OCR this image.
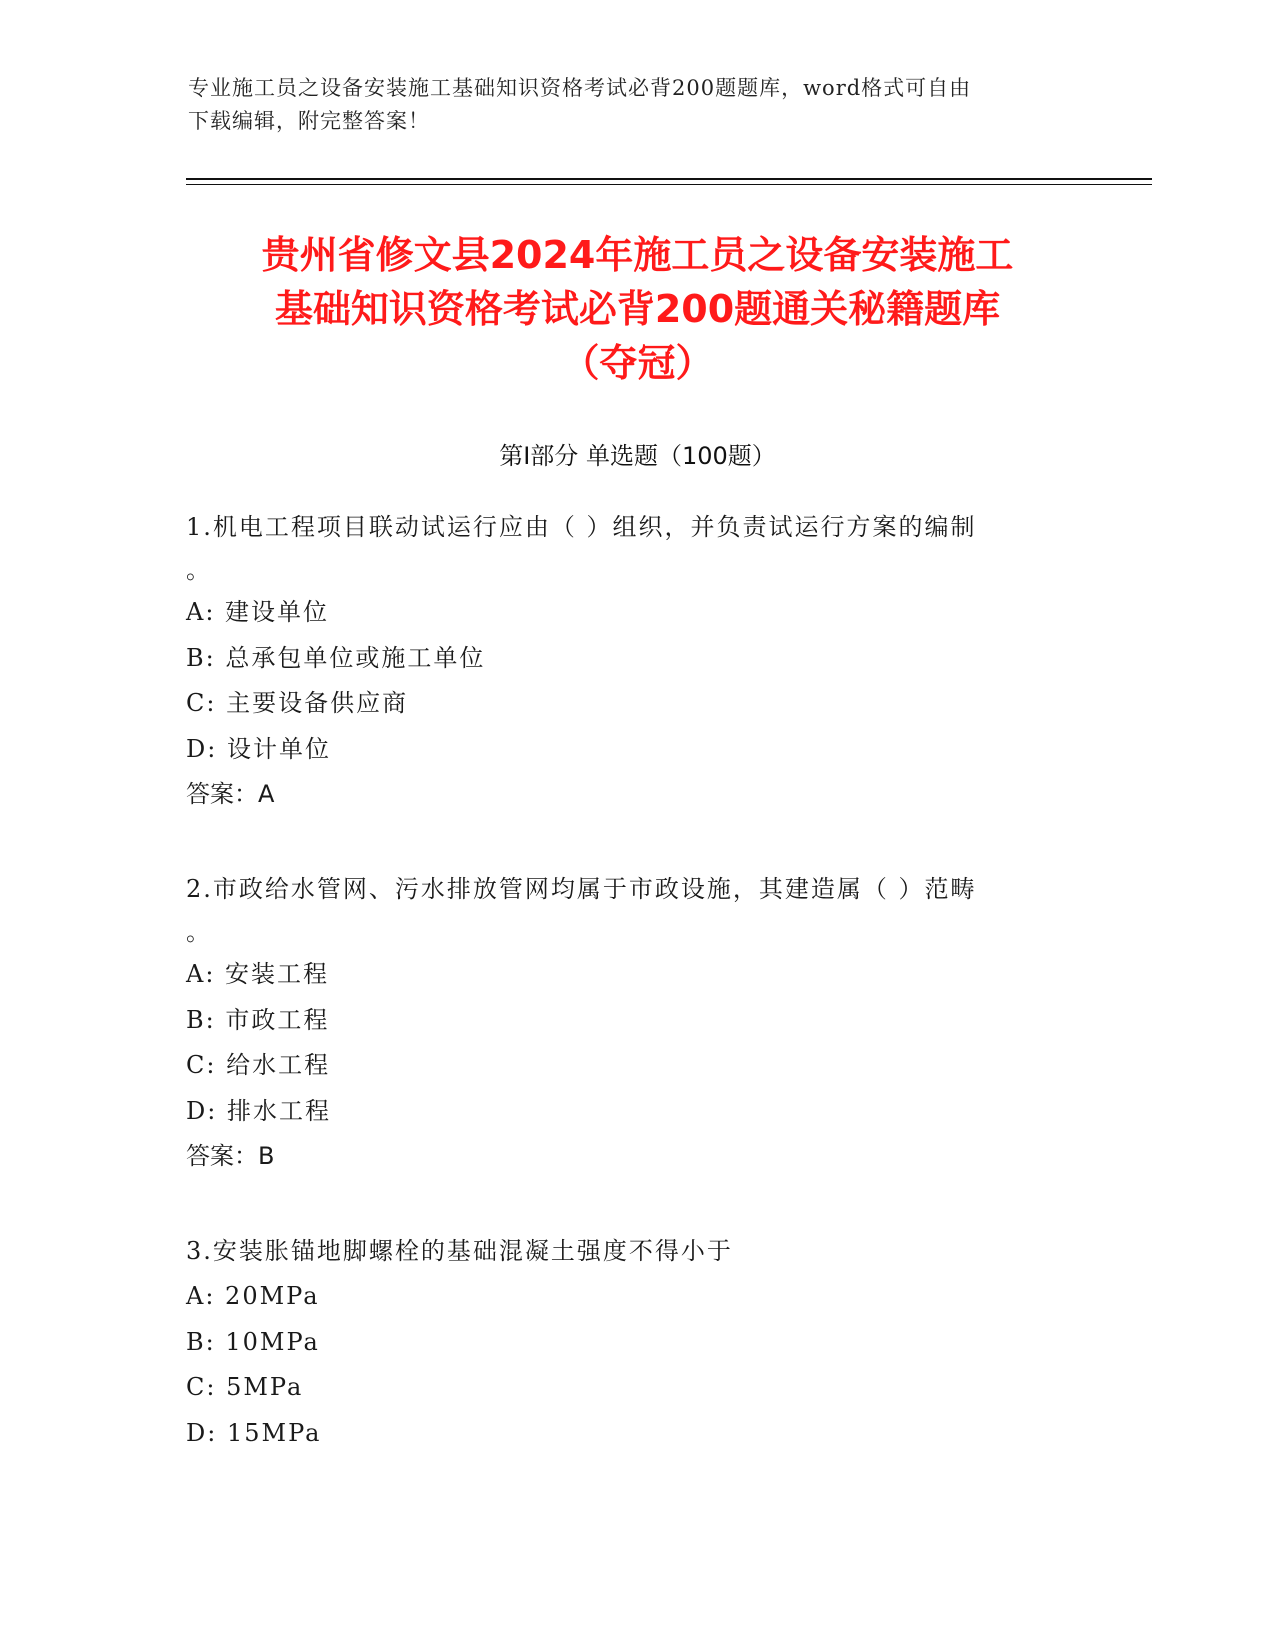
专业施工员之设备安装施工基础知识资格考试必背200题题库，word格式可自由
下载编辑，附完整答案！
贵州省修文县2024年施工员之设备安装施工
基础知识资格考试必背200题通关秘籍题库
（夺冠）
第Ⅰ部分 单选题（100题）
1.机电工程项目联动试运行应由（ ）组织，并负责试运行方案的编制
。
A: 建设单位
B: 总承包单位或施工单位
C: 主要设备供应商
D: 设计单位
答案：A
2.市政给水管网、污水排放管网均属于市政设施，其建造属（ ）范畴
。
A: 安装工程
B: 市政工程
C: 给水工程
D: 排水工程
答案：B
3.安装胀锚地脚螺栓的基础混凝土强度不得小于
A: 20MPa
B: 10MPa
C: 5MPa
D: 15MPa
